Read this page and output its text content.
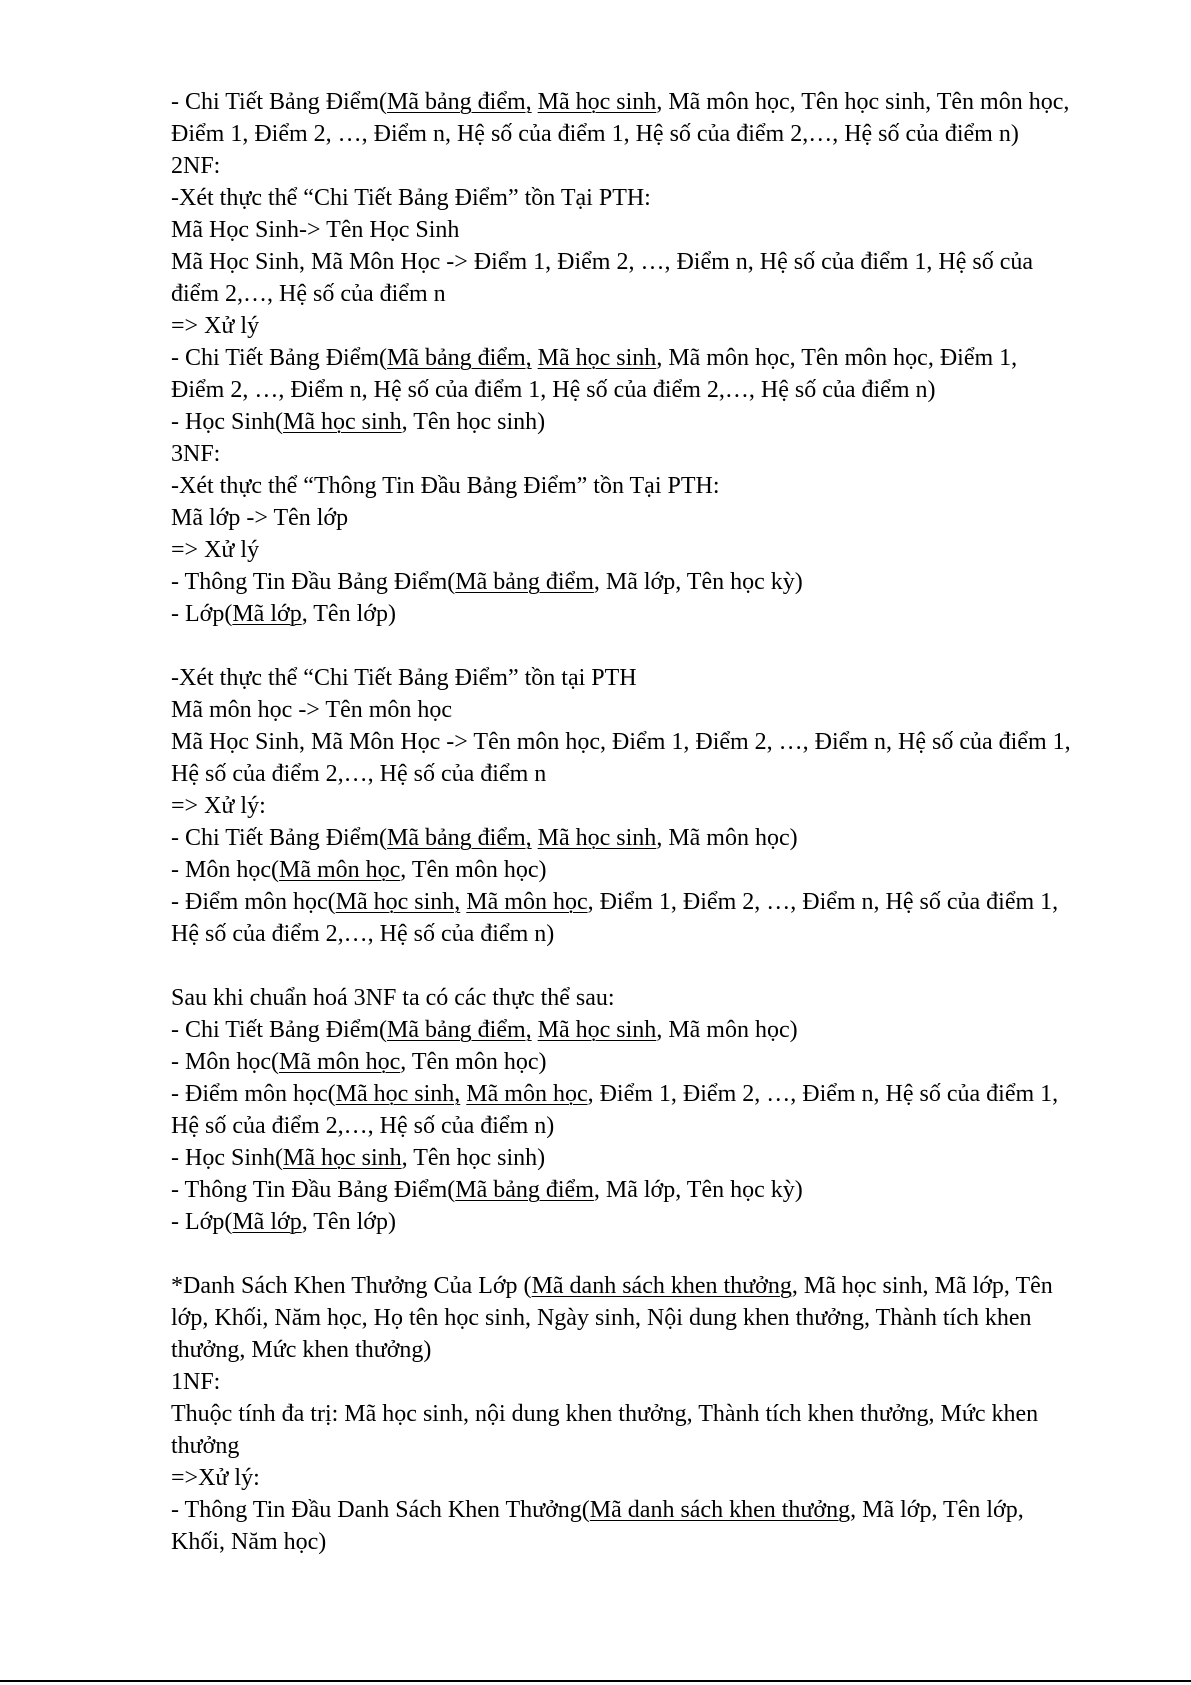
- Chi Tiết Bảng Điểm(Mã bảng điểm, Mã học sinh, Mã môn học, Tên học sinh, Tên môn học, Điểm 1, Điểm 2, …, Điểm n, Hệ số của điểm 1, Hệ số của điểm 2,…, Hệ số của điểm n)

2NF:

-Xét thực thể “Chi Tiết Bảng Điểm” tồn Tại PTH:

Mã Học Sinh-> Tên Học Sinh

Mã Học Sinh, Mã Môn Học -> Điểm 1, Điểm 2, …, Điểm n, Hệ số của điểm 1, Hệ số của điểm 2,…, Hệ số của điểm n

=> Xử lý

- Chi Tiết Bảng Điểm(Mã bảng điểm, Mã học sinh, Mã môn học, Tên môn học, Điểm 1, Điểm 2, …, Điểm n, Hệ số của điểm 1, Hệ số của điểm 2,…, Hệ số của điểm n)

- Học Sinh(Mã học sinh, Tên học sinh)

3NF:

-Xét thực thể “Thông Tin Đầu Bảng Điểm” tồn Tại PTH:

Mã lớp -> Tên lớp

=> Xử lý

- Thông Tin Đầu Bảng Điểm(Mã bảng điểm, Mã lớp, Tên học kỳ)

- Lớp(Mã lớp, Tên lớp)

-Xét thực thể “Chi Tiết Bảng Điểm” tồn tại PTH

Mã môn học -> Tên môn học

Mã Học Sinh, Mã Môn Học -> Tên môn học, Điểm 1, Điểm 2, …, Điểm n, Hệ số của điểm 1, Hệ số của điểm 2,…, Hệ số của điểm n

=> Xử lý:

- Chi Tiết Bảng Điểm(Mã bảng điểm, Mã học sinh, Mã môn học)

- Môn học(Mã môn học, Tên môn học)

- Điểm môn học(Mã học sinh, Mã môn học, Điểm 1, Điểm 2, …, Điểm n, Hệ số của điểm 1, Hệ số của điểm 2,…, Hệ số của điểm n)

Sau khi chuẩn hoá 3NF ta có các thực thể sau:

- Chi Tiết Bảng Điểm(Mã bảng điểm, Mã học sinh, Mã môn học)

- Môn học(Mã môn học, Tên môn học)

- Điểm môn học(Mã học sinh, Mã môn học, Điểm 1, Điểm 2, …, Điểm n, Hệ số của điểm 1, Hệ số của điểm 2,…, Hệ số của điểm n)

- Học Sinh(Mã học sinh, Tên học sinh)

- Thông Tin Đầu Bảng Điểm(Mã bảng điểm, Mã lớp, Tên học kỳ)

- Lớp(Mã lớp, Tên lớp)

*Danh Sách Khen Thưởng Của Lớp (Mã danh sách khen thưởng, Mã học sinh, Mã lớp, Tên lớp, Khối, Năm học, Họ tên học sinh, Ngày sinh, Nội dung khen thưởng, Thành tích khen thưởng, Mức khen thưởng)

1NF:

Thuộc tính đa trị: Mã học sinh, nội dung khen thưởng, Thành tích khen thưởng, Mức khen thưởng

=>Xử lý:

- Thông Tin Đầu Danh Sách Khen Thưởng(Mã danh sách khen thưởng, Mã lớp, Tên lớp, Khối, Năm học)
